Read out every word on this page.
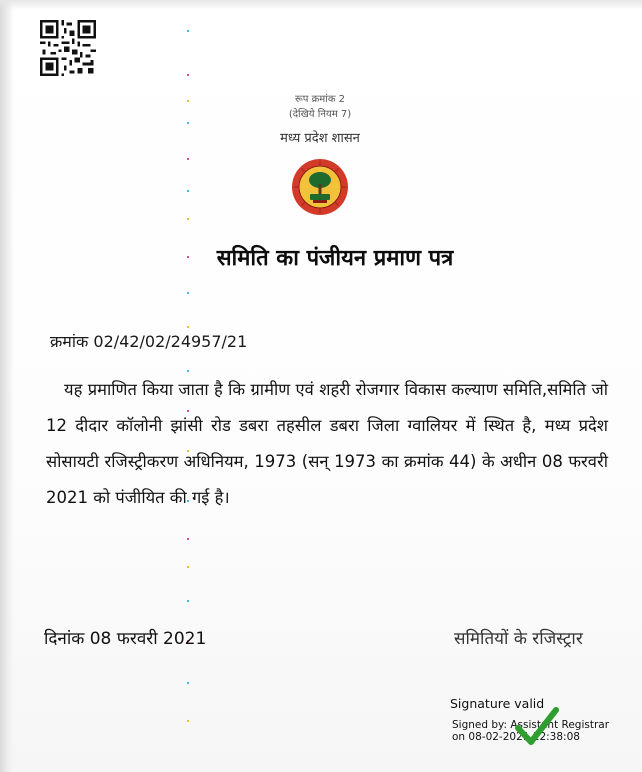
रूप क्रमांक 2
(देखिये नियम 7)
मध्य प्रदेश शासन
समिति का पंजीयन प्रमाण पत्र
क्रमांक 02/42/02/24957/21

यह प्रमाणित किया जाता है कि ग्रामीण एवं शहरी रोजगार विकास कल्याण समिति,समिति जो 12 दीदार कॉलोनी झांसी रोड डबरा तहसील डबरा जिला ग्वालियर में स्थित है, मध्य प्रदेश सोसायटी रजिस्ट्रीकरण अधिनियम, 1973 (सन् 1973 का क्रमांक 44) के अधीन 08 फरवरी 2021 को पंजीयित की गई है।

दिनांक 08 फरवरी 2021	समितियों के रजिस्ट्रार
Signature valid
Signed by: Assistant Registrar
on 08-02-2021 12:38:08
